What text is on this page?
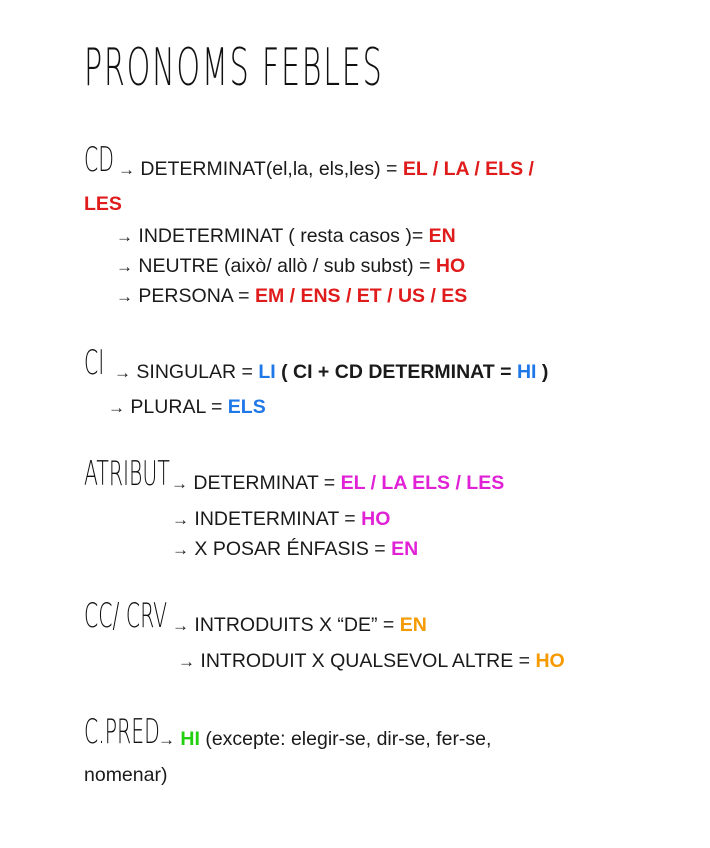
PRONOMS FEBLES
CD → DETERMINAT(el,la, els,les) = EL / LA / ELS /
LES
→ INDETERMINAT ( resta casos )= EN
→ NEUTRE (això/ allò / sub subst) = HO
→ PERSONA = EM / ENS / ET / US / ES
CI → SINGULAR = LI ( CI + CD DETERMINAT = HI )
→ PLURAL = ELS
ATRIBUT → DETERMINAT = EL / LA ELS / LES
→ INDETERMINAT = HO
→ X POSAR ÉNFASIS = EN
CC/ CRV → INTRODUITS X “DE” = EN
→ INTRODUIT X QUALSEVOL ALTRE = HO
C.PRED
→ HI (excepte: elegir-se, dir-se, fer-se,
nomenar)
